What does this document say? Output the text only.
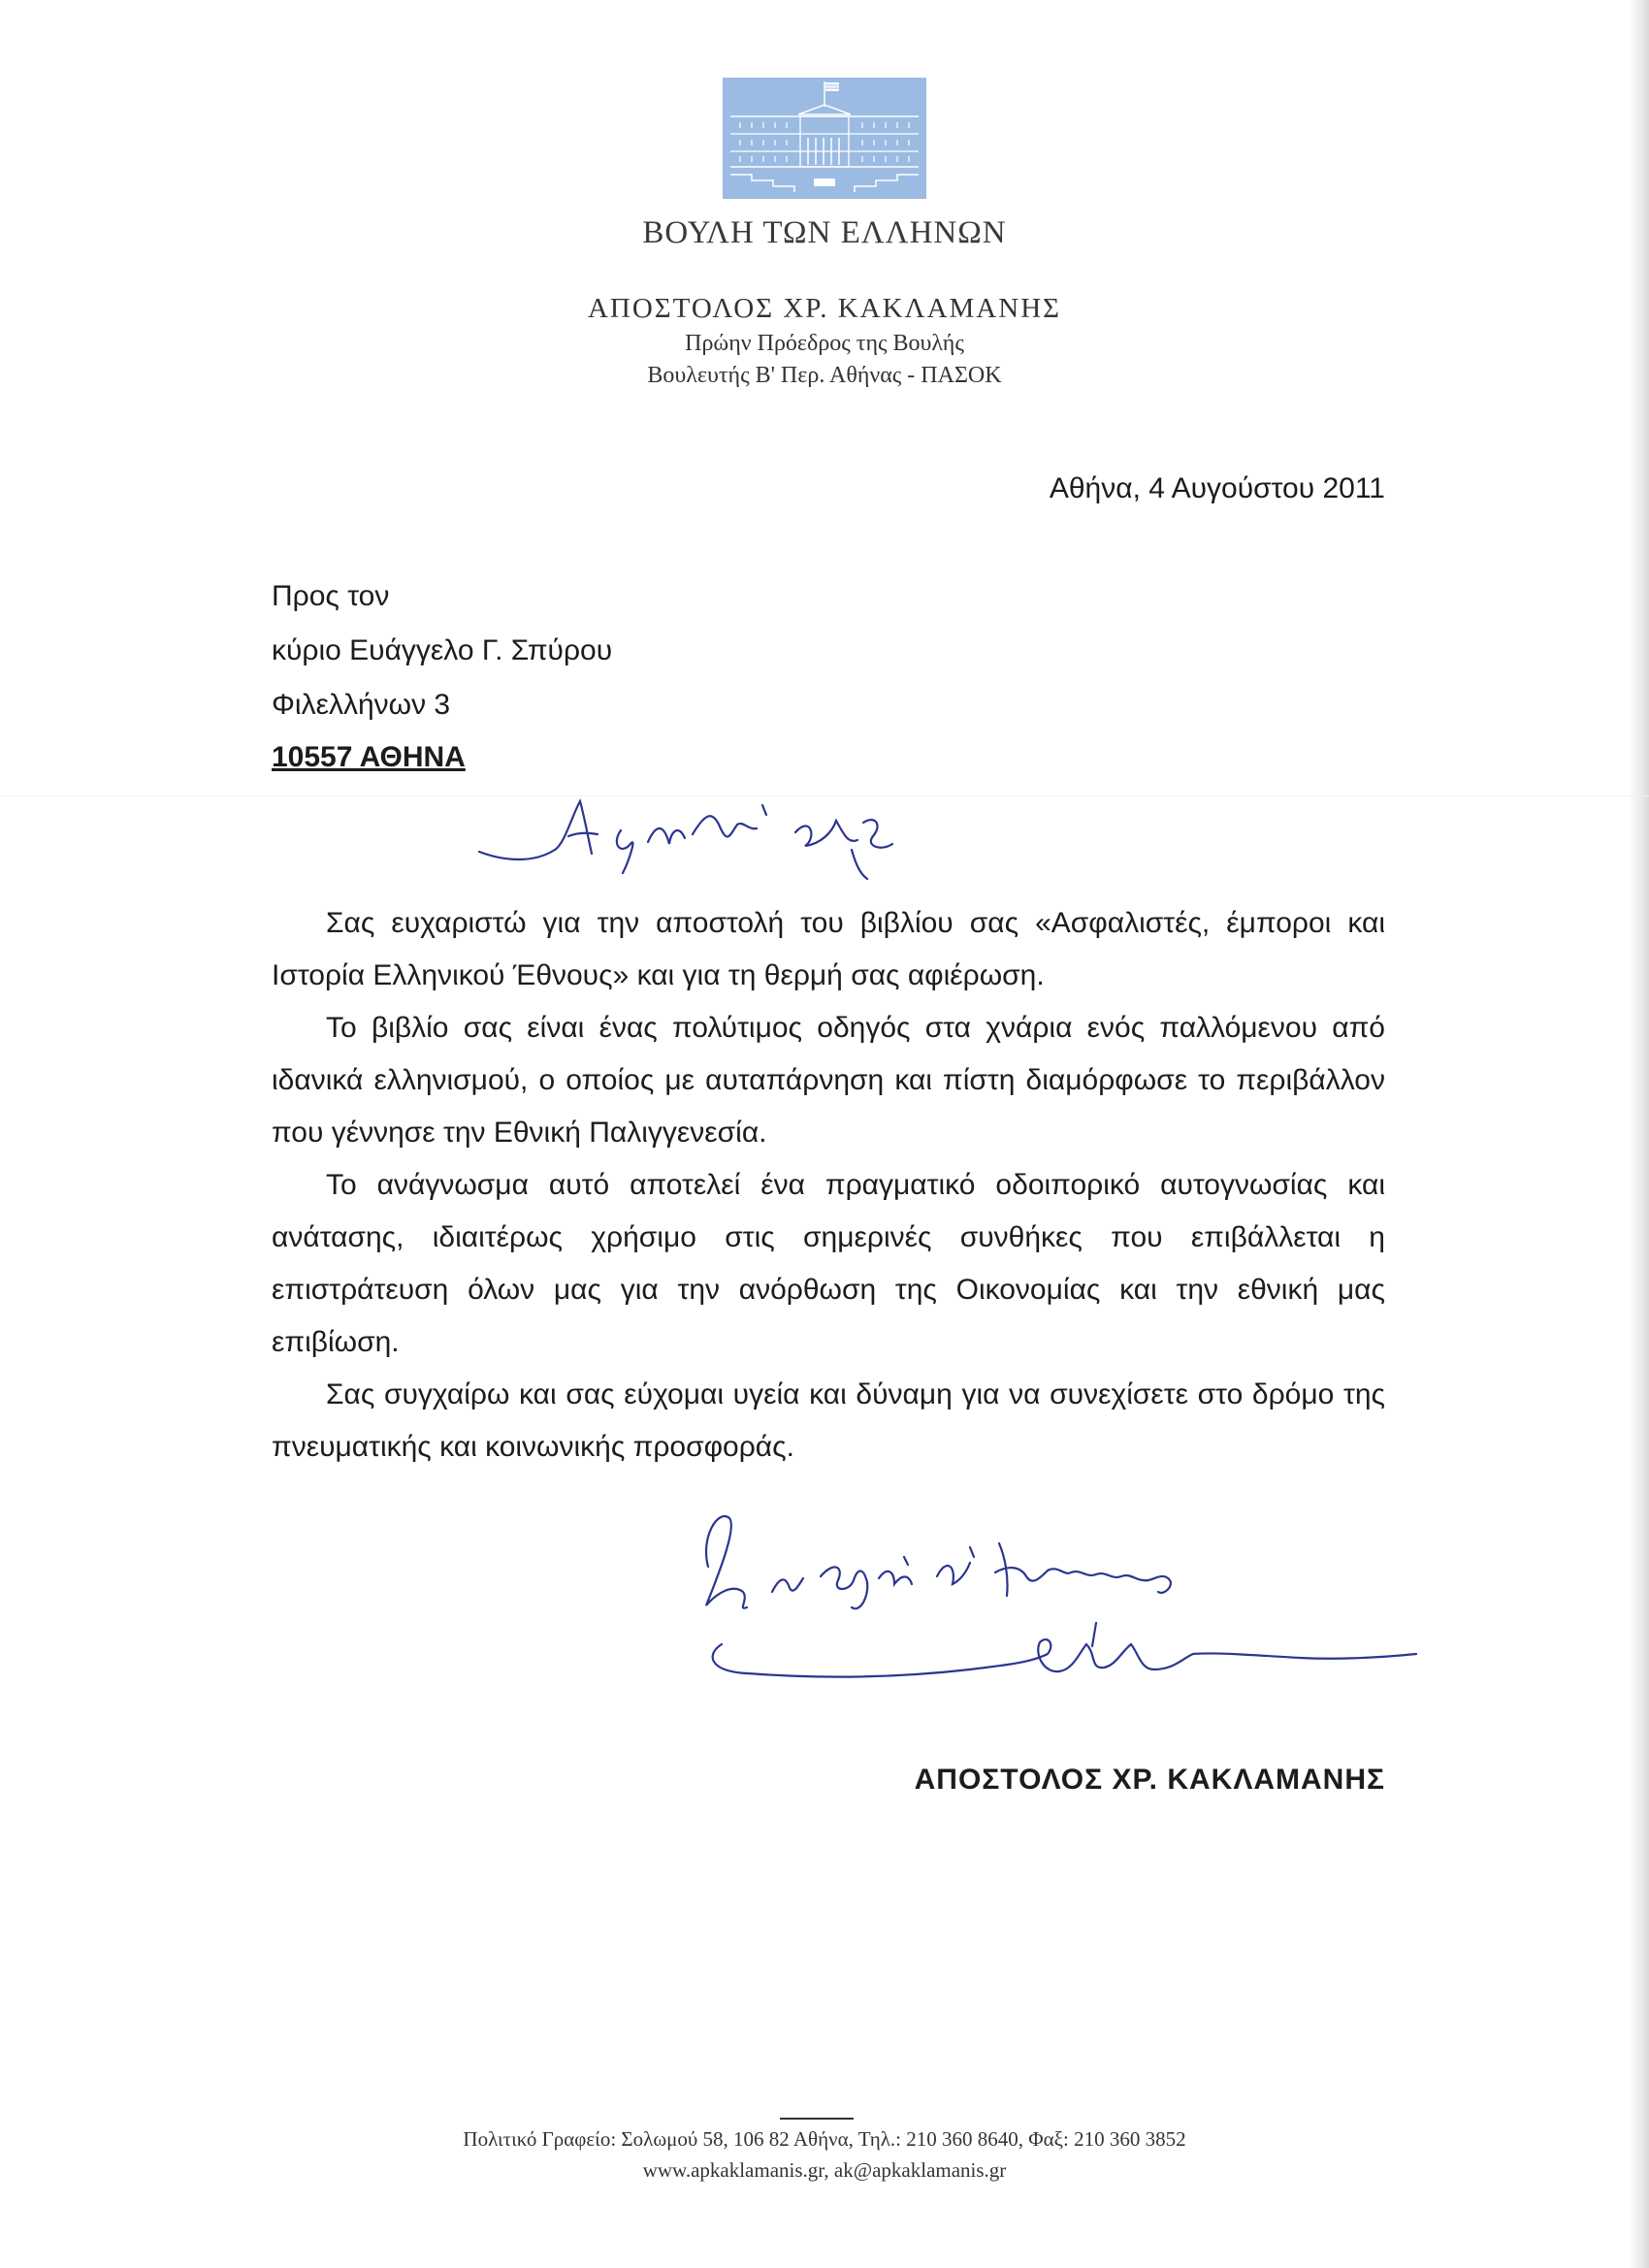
ΒΟΥΛΗ ΤΩΝ ΕΛΛΗΝΩΝ
ΑΠΟΣΤΟΛΟΣ ΧΡ. ΚΑΚΛΑΜΑΝΗΣ
Πρώην Πρόεδρος της Βουλής
Βουλευτής Β' Περ. Αθήνας - ΠΑΣΟΚ
Αθήνα, 4 Αυγούστου 2011
Προς τον
κύριο Ευάγγελο Γ. Σπύρου
Φιλελλήνων 3
10557 ΑΘΗΝΑ

Σας ευχαριστώ για την αποστολή του βιβλίου σας «Ασφαλιστές, έμποροι και Ιστορία Ελληνικού Έθνους» και για τη θερμή σας αφιέρωση.

Το βιβλίο σας είναι ένας πολύτιμος οδηγός στα χνάρια ενός παλλόμενου από ιδανικά ελληνισμού, ο οποίος με αυταπάρνηση και πίστη διαμόρφωσε το περιβάλλον που γέννησε την Εθνική Παλιγγενεσία.

Το ανάγνωσμα αυτό αποτελεί ένα πραγματικό οδοιπορικό αυτογνωσίας και ανάτασης, ιδιαιτέρως χρήσιμο στις σημερινές συνθήκες που επιβάλλεται η επιστράτευση όλων μας για την ανόρθωση της Οικονομίας και την εθνική μας επιβίωση.

Σας συγχαίρω και σας εύχομαι υγεία και δύναμη για να συνεχίσετε στο δρόμο της πνευματικής και κοινωνικής προσφοράς.

ΑΠΟΣΤΟΛΟΣ ΧΡ. ΚΑΚΛΑΜΑΝΗΣ
Πολιτικό Γραφείο: Σολωμού 58, 106 82 Αθήνα, Τηλ.: 210 360 8640, Φαξ: 210 360 3852
www.apkaklamanis.gr, ak@apkaklamanis.gr
